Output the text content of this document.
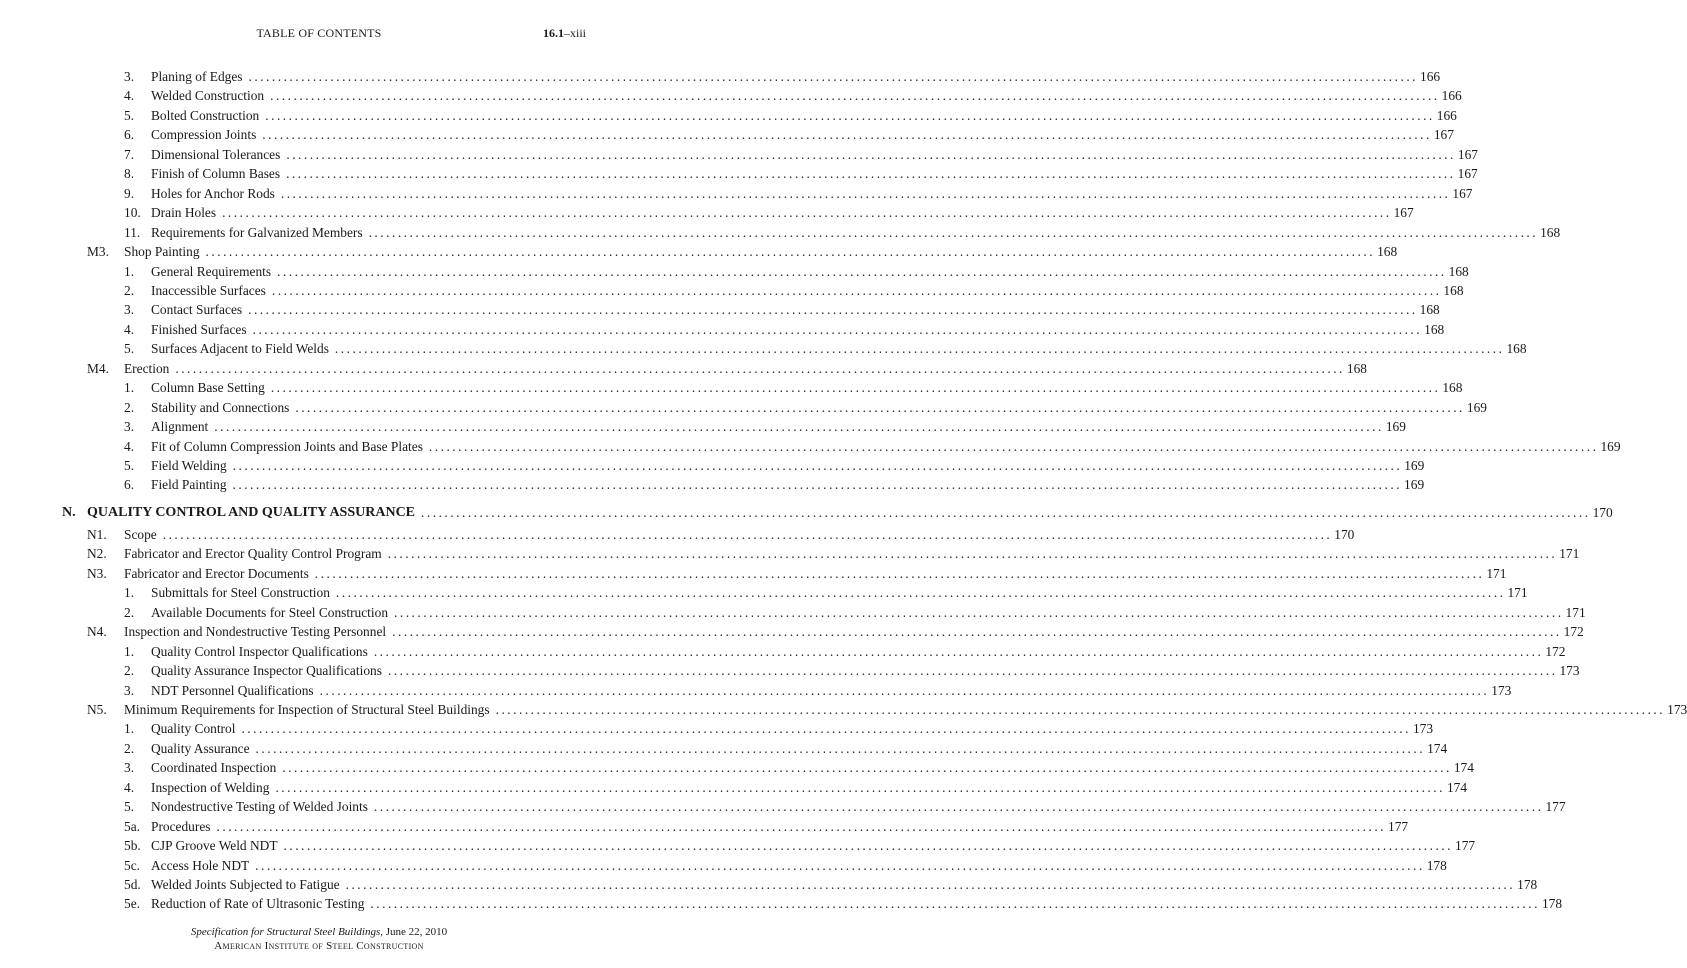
TABLE OF CONTENTS	16.1–xiii
3. Planing of Edges ........................................................................................................................................................................................................ 166
4. Welded Construction ........................................................................................................................................................................................................ 166
5. Bolted Construction ........................................................................................................................................................................................................ 166
6. Compression Joints ........................................................................................................................................................................................................ 167
7. Dimensional Tolerances ........................................................................................................................................................................................................ 167
8. Finish of Column Bases ........................................................................................................................................................................................................ 167
9. Holes for Anchor Rods ........................................................................................................................................................................................................ 167
10. Drain Holes ........................................................................................................................................................................................................ 167
11. Requirements for Galvanized Members ........................................................................................................................................................................................................ 168
M3. Shop Painting ........................................................................................................................................................................................................ 168
1. General Requirements ........................................................................................................................................................................................................ 168
2. Inaccessible Surfaces ........................................................................................................................................................................................................ 168
3. Contact Surfaces ........................................................................................................................................................................................................ 168
4. Finished Surfaces ........................................................................................................................................................................................................ 168
5. Surfaces Adjacent to Field Welds ........................................................................................................................................................................................................ 168
M4. Erection ........................................................................................................................................................................................................ 168
1. Column Base Setting ........................................................................................................................................................................................................ 168
2. Stability and Connections ........................................................................................................................................................................................................ 169
3. Alignment ........................................................................................................................................................................................................ 169
4. Fit of Column Compression Joints and Base Plates ........................................................................................................................................................................................................ 169
5. Field Welding ........................................................................................................................................................................................................ 169
6. Field Painting ........................................................................................................................................................................................................ 169
N. QUALITY CONTROL AND QUALITY ASSURANCE ........................................................................................................................................................................................................ 170
N1. Scope ........................................................................................................................................................................................................ 170
N2. Fabricator and Erector Quality Control Program ........................................................................................................................................................................................................ 171
N3. Fabricator and Erector Documents ........................................................................................................................................................................................................ 171
1. Submittals for Steel Construction ........................................................................................................................................................................................................ 171
2. Available Documents for Steel Construction ........................................................................................................................................................................................................ 171
N4. Inspection and Nondestructive Testing Personnel ........................................................................................................................................................................................................ 172
1. Quality Control Inspector Qualifications ........................................................................................................................................................................................................ 172
2. Quality Assurance Inspector Qualifications ........................................................................................................................................................................................................ 173
3. NDT Personnel Qualifications ........................................................................................................................................................................................................ 173
N5. Minimum Requirements for Inspection of Structural Steel Buildings ........................................................................................................................................................................................................ 173
1. Quality Control ........................................................................................................................................................................................................ 173
2. Quality Assurance ........................................................................................................................................................................................................ 174
3. Coordinated Inspection ........................................................................................................................................................................................................ 174
4. Inspection of Welding ........................................................................................................................................................................................................ 174
5. Nondestructive Testing of Welded Joints ........................................................................................................................................................................................................ 177
5a. Procedures ........................................................................................................................................................................................................ 177
5b. CJP Groove Weld NDT ........................................................................................................................................................................................................ 177
5c. Access Hole NDT ........................................................................................................................................................................................................ 178
5d. Welded Joints Subjected to Fatigue ........................................................................................................................................................................................................ 178
5e. Reduction of Rate of Ultrasonic Testing ........................................................................................................................................................................................................ 178
Specification for Structural Steel Buildings, June 22, 2010
American Institute of Steel Construction
